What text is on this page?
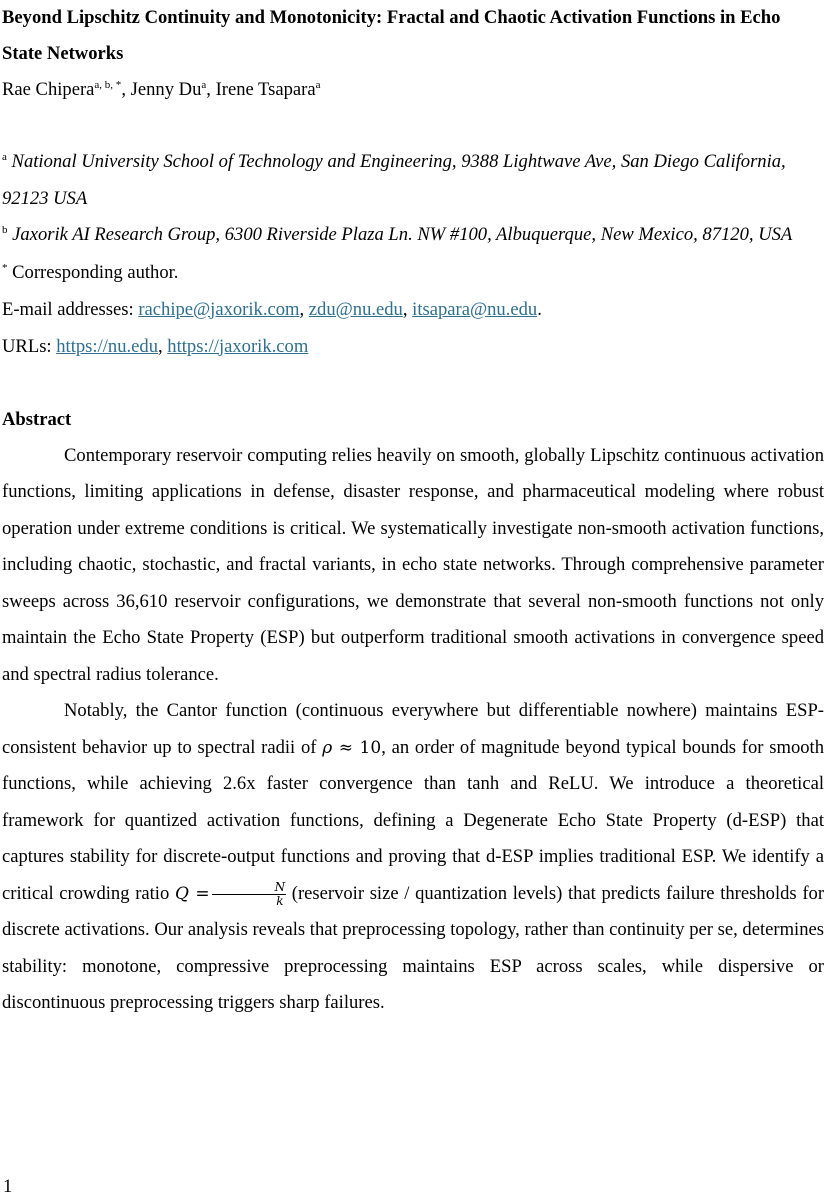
Beyond Lipschitz Continuity and Monotonicity: Fractal and Chaotic Activation Functions in Echo State Networks

Rae Chipera$^{a, b, *}$, Jenny Du$^a$, Irene Tsapara$^a$

$^a$ National University School of Technology and Engineering, 9388 Lightwave Ave, San Diego California, 92123 USA

$^b$ Jaxorik AI Research Group, 6300 Riverside Plaza Ln. NW #100, Albuquerque, New Mexico, 87120, USA

* Corresponding author.

E-mail addresses: rachipe@jaxorik.com, zdu@nu.edu, itsapara@nu.edu.

URLs: https://nu.edu, https://jaxorik.com

Abstract

Contemporary reservoir computing relies heavily on smooth, globally Lipschitz continuous activation functions, limiting applications in defense, disaster response, and pharmaceutical modeling where robust operation under extreme conditions is critical. We systematically investigate non-smooth activation functions, including chaotic, stochastic, and fractal variants, in echo state networks. Through comprehensive parameter sweeps across 36,610 reservoir configurations, we demonstrate that several non-smooth functions not only maintain the Echo State Property (ESP) but outperform traditional smooth activations in convergence speed and spectral radius tolerance.

Notably, the Cantor function (continuous everywhere but differentiable nowhere) maintains ESP-consistent behavior up to spectral radii of ρ ≈ 10, an order of magnitude beyond typical bounds for smooth functions, while achieving 2.6x faster convergence than tanh and ReLU. We introduce a theoretical framework for quantized activation functions, defining a Degenerate Echo State Property (d-ESP) that captures stability for discrete-output functions and proving that d-ESP implies traditional ESP. We identify a critical crowding ratio $Q = \frac{N}{k}$ (reservoir size / quantization levels) that predicts failure thresholds for discrete activations. Our analysis reveals that preprocessing topology, rather than continuity per se, determines stability: monotone, compressive preprocessing maintains ESP across scales, while dispersive or discontinuous preprocessing triggers sharp failures.

1
